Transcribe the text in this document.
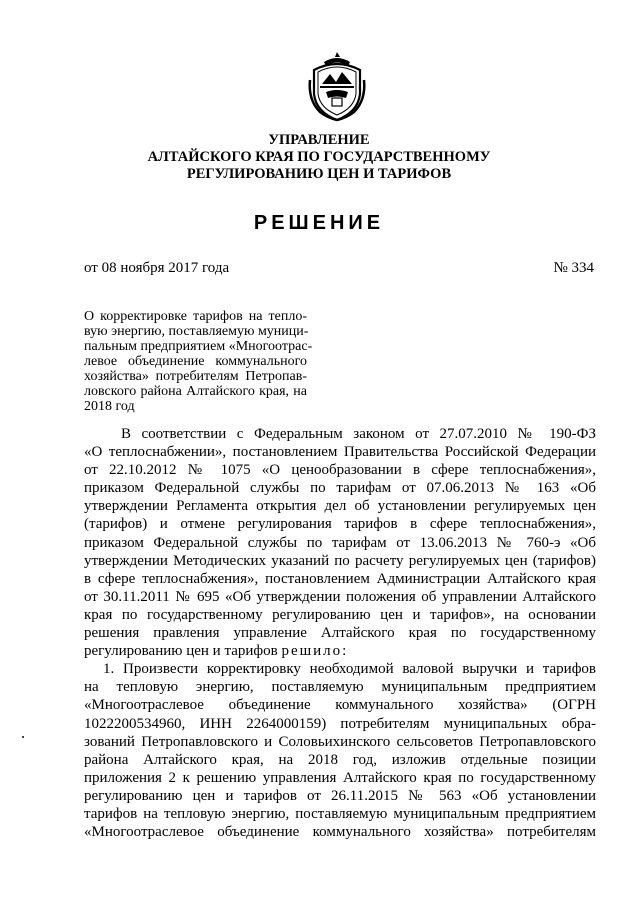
УПРАВЛЕНИЕ
АЛТАЙСКОГО КРАЯ ПО ГОСУДАРСТВЕННОМУ
РЕГУЛИРОВАНИЮ ЦЕН И ТАРИФОВ
РЕШЕНИЕ
от 08 ноября 2017 года	№ 334
О корректировке тарифов на тепло-
вую энергию, поставляемую муници-
пальным предприятием «Многоотрас-
левое объединение коммунального
хозяйства» потребителям Петропав-
ловского района Алтайского края, на
2018 год
В соответствии с Федеральным законом от 27.07.2010 № 190-ФЗ
«О теплоснабжении», постановлением Правительства Российской Федерации
от 22.10.2012 № 1075 «О ценообразовании в сфере теплоснабжения»,
приказом Федеральной службы по тарифам от 07.06.2013 № 163 «Об
утверждении Регламента открытия дел об установлении регулируемых цен
(тарифов) и отмене регулирования тарифов в сфере теплоснабжения»,
приказом Федеральной службы по тарифам от 13.06.2013 № 760-э «Об
утверждении Методических указаний по расчету регулируемых цен (тарифов)
в сфере теплоснабжения», постановлением Администрации Алтайского края
от 30.11.2011 № 695 «Об утверждении положения об управлении Алтайского
края по государственному регулированию цен и тарифов», на основании
решения правления управление Алтайского края по государственному
регулированию цен и тарифов решило:
1. Произвести корректировку необходимой валовой выручки и тарифов
на тепловую энергию, поставляемую муниципальным предприятием
«Многоотраслевое объединение коммунального хозяйства» (ОГРН
1022200534960, ИНН 2264000159) потребителям муниципальных обра-
зований Петропавловского и Соловьихинского сельсоветов Петропавловского
района Алтайского края, на 2018 год, изложив отдельные позиции
приложения 2 к решению управления Алтайского края по государственному
регулированию цен и тарифов от 26.11.2015 № 563 «Об установлении
тарифов на тепловую энергию, поставляемую муниципальным предприятием
«Многоотраслевое объединение коммунального хозяйства» потребителям
